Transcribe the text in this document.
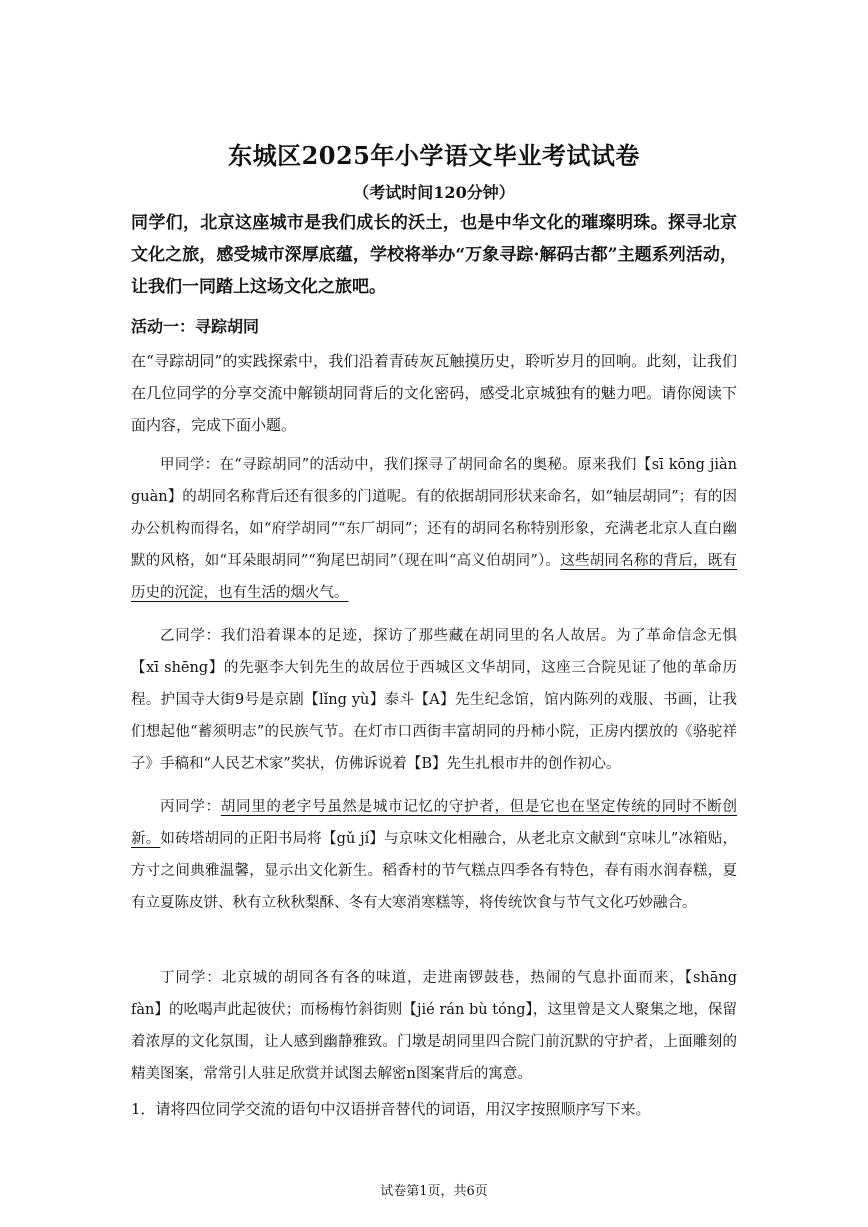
东城区2025年小学语文毕业考试试卷
（考试时间120分钟）
同学们，北京这座城市是我们成长的沃土，也是中华文化的璀璨明珠。探寻北京文化之旅，感受城市深厚底蕴，学校将举办“万象寻踪·解码古都”主题系列活动，让我们一同踏上这场文化之旅吧。
活动一：寻踪胡同
在“寻踪胡同”的实践探索中，我们沿着青砖灰瓦触摸历史，聆听岁月的回响。此刻，让我们在几位同学的分享交流中解锁胡同背后的文化密码，感受北京城独有的魅力吧。请你阅读下面内容，完成下面小题。
甲同学：在“寻踪胡同”的活动中，我们探寻了胡同命名的奥秘。原来我们【sī kōng jiàn guàn】的胡同名称背后还有很多的门道呢。有的依据胡同形状来命名，如“轴层胡同”；有的因办公机构而得名，如“府学胡同”“东厂胡同”；还有的胡同名称特别形象，充满老北京人直白幽默的风格，如“耳朵眼胡同”“狗尾巴胡同”（现在叫“高义伯胡同”）。这些胡同名称的背后，既有历史的沉淀，也有生活的烟火气。
乙同学：我们沿着课本的足迹，探访了那些藏在胡同里的名人故居。为了革命信念无惧【xī shēng】的先驱李大钊先生的故居位于西城区文华胡同，这座三合院见证了他的革命历程。护国寺大街9号是京剧【lǐng yù】泰斗【A】先生纪念馆，馆内陈列的戏服、书画，让我们想起他“蓄须明志”的民族气节。在灯市口西街丰富胡同的丹柿小院，正房内摆放的《骆驼祥子》手稿和“人民艺术家”奖状，仿佛诉说着【B】先生扎根市井的创作初心。
丙同学：胡同里的老字号虽然是城市记忆的守护者，但是它也在坚定传统的同时不断创新。如砖塔胡同的正阳书局将【gǔ jí】与京味文化相融合，从老北京文献到“京味儿”冰箱贴，方寸之间典雅温馨，显示出文化新生。稻香村的节气糕点四季各有特色，春有雨水润春糕，夏有立夏陈皮饼、秋有立秋秋梨酥、冬有大寒消寒糕等，将传统饮食与节气文化巧妙融合。
丁同学：北京城的胡同各有各的味道，走进南锣鼓巷，热闹的气息扑面而来，【shāng fàn】的吆喝声此起彼伏；而杨梅竹斜街则【jié rán bù tóng】，这里曾是文人聚集之地，保留着浓厚的文化氛围，让人感到幽静雅致。门墩是胡同里四合院门前沉默的守护者，上面雕刻的精美图案，常常引人驻足欣赏并试图去解密n图案背后的寓意。
1．请将四位同学交流的语句中汉语拼音替代的词语，用汉字按照顺序写下来。
试卷第1页，共6页
